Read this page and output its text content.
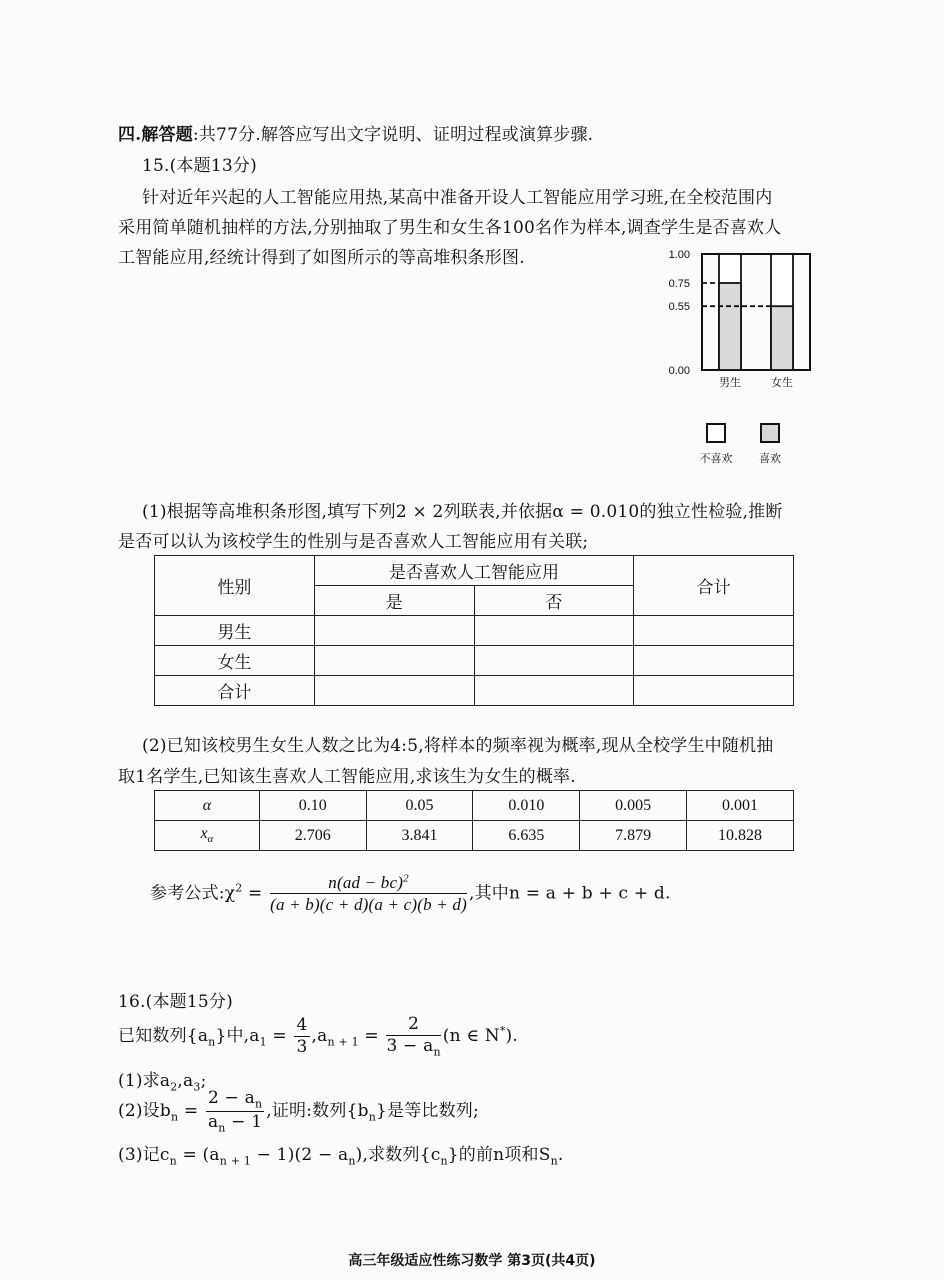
四.解答题:共77分.解答应写出文字说明、证明过程或演算步骤.
15.(本题13分)
针对近年兴起的人工智能应用热,某高中准备开设人工智能应用学习班,在全校范围内
采用简单随机抽样的方法,分别抽取了男生和女生各100名作为样本,调查学生是否喜欢人
工智能应用,经统计得到了如图所示的等高堆积条形图.	1.00
0.75
0.55
0.00
男生	女生
不喜欢 喜欢
(1)根据等高堆积条形图,填写下列2 × 2列联表,并依据α = 0.010的独立性检验,推断
是否可以认为该校学生的性别与是否喜欢人工智能应用有关联;
性别	是否喜欢人工智能应用		合计
	是	否	
男生			
女生			
合计			
(2)已知该校男生女生人数之比为4:5,将样本的频率视为概率,现从全校学生中随机抽
取1名学生,已知该生喜欢人工智能应用,求该生为女生的概率.
α	0.10	0.05	0.010	0.005	0.001
$x_\alpha$	2.706	3.841	6.635	7.879	10.828
参考公式$:\chi^2 = \frac{n(ad - bc)^2}{(a + b)(c + d)(a + c)(b + d)}$ ,其中n = a + b + c + d.
16.(本题15分)
已知数列$\{a_n\}$中$,a_1 = \frac{4}{3} ,a_{n + 1} = \frac{2}{3 - a_n} (n$ ∈ N*).
(1)求$a_2,a_3$;
(2)设$b_n = \frac{2 - a_n}{a_n - 1}$ ,证明:数列$\{b_n\}$是等比数列;
(3)记$c_n = (a_{n + 1} - 1)(2 - a_n)$,求数列$\{c_n\}$的前n项和$S_n$.
高三年级适应性练习数学 第3页(共4页)
